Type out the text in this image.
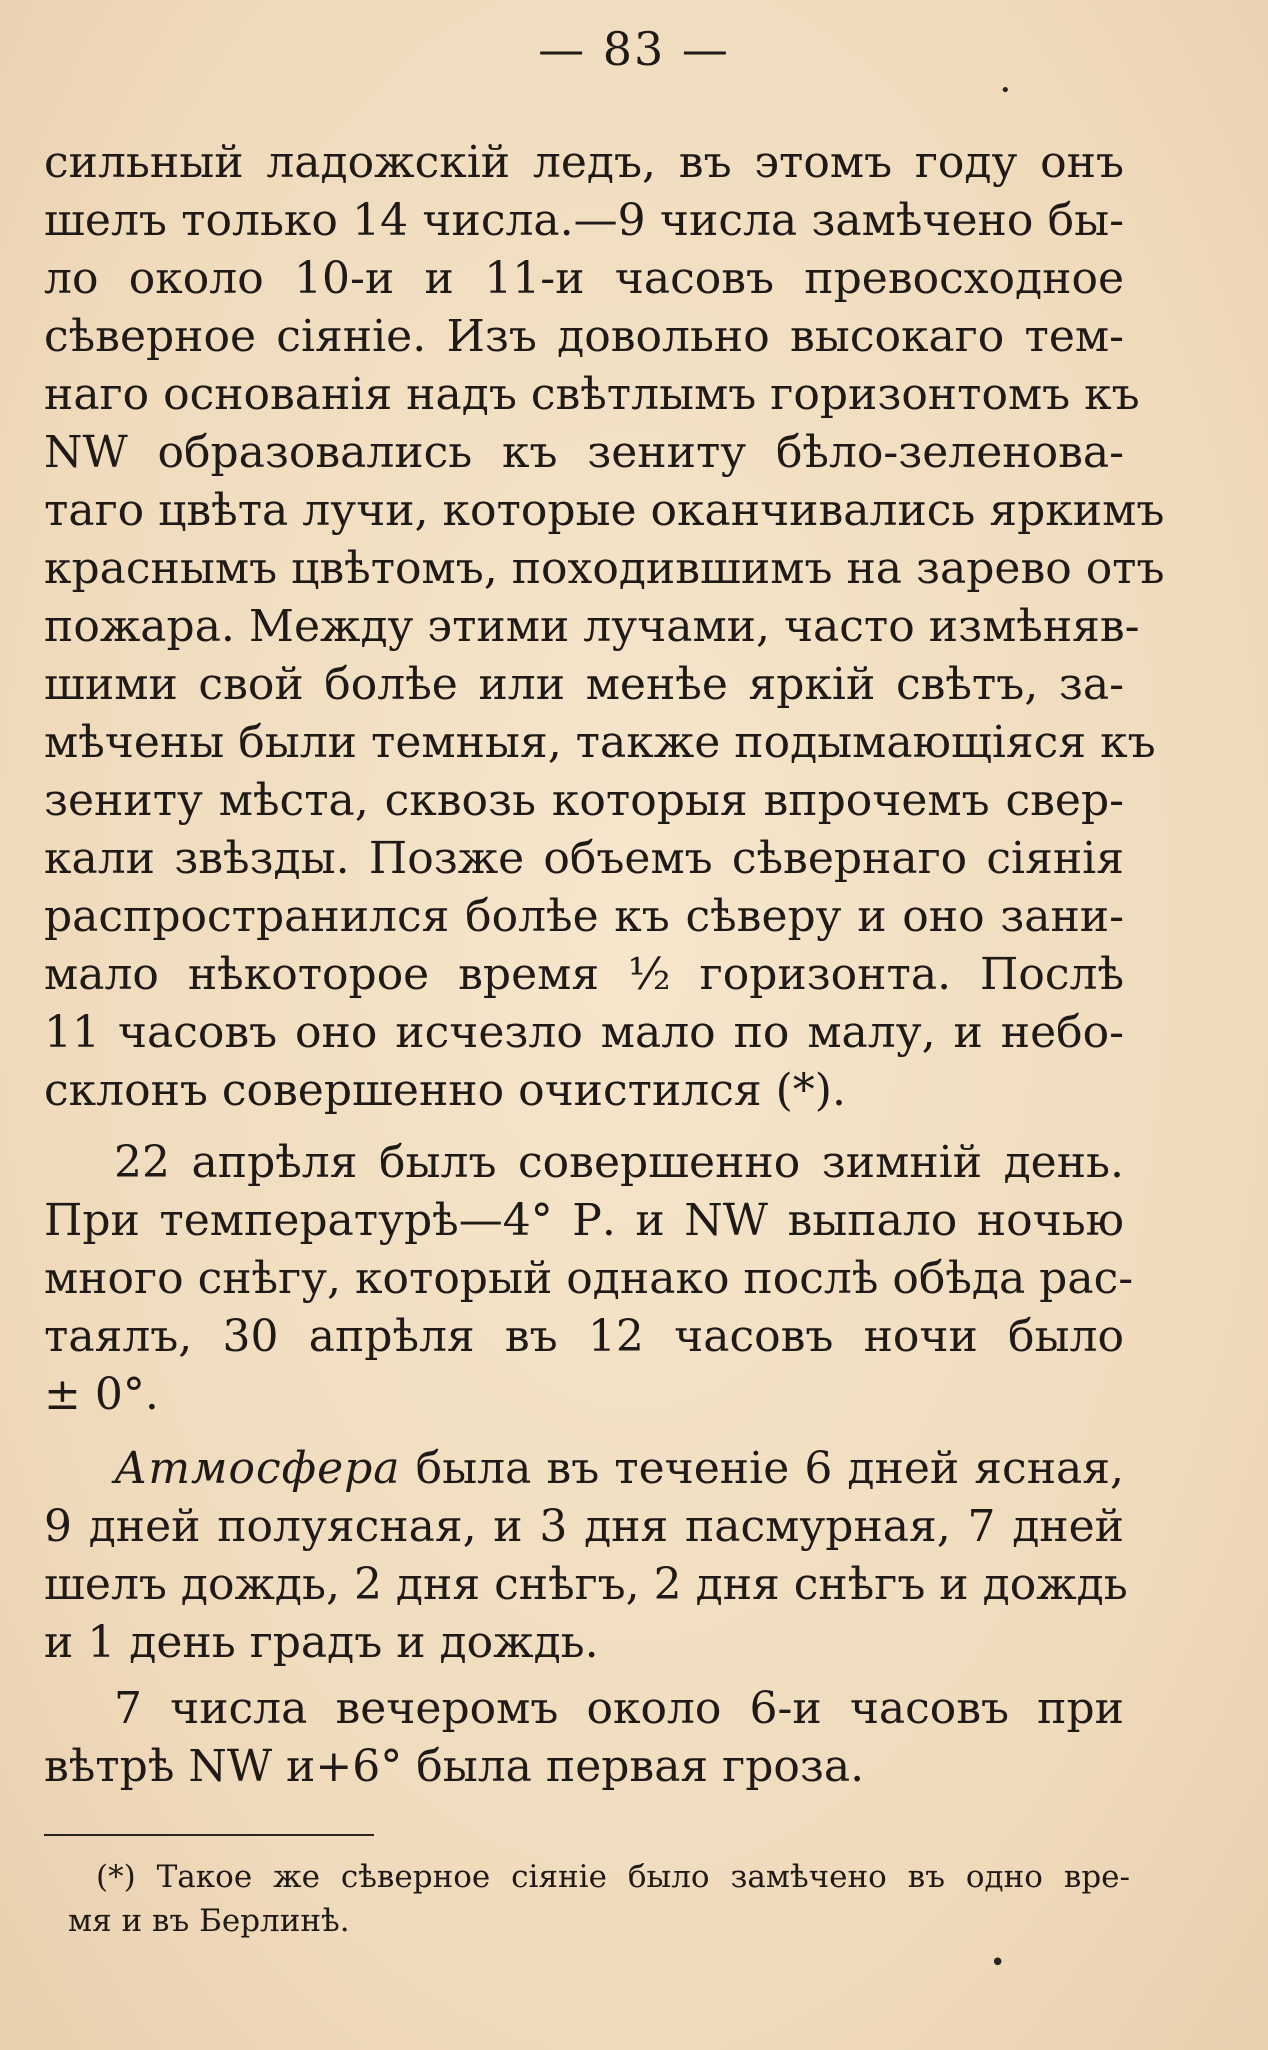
— 83 —
сильный ладожскій ледъ, въ этомъ году онъ
шелъ только 14 числа.—9 числа замѣчено бы-
ло около 10-и и 11-и часовъ превосходное
сѣверное сіяніе. Изъ довольно высокаго тем-
наго основанія надъ свѣтлымъ горизонтомъ къ
NW образовались къ зениту бѣло-зеленова-
таго цвѣта лучи, которые оканчивались яркимъ
краснымъ цвѣтомъ, походившимъ на зарево отъ
пожара. Между этими лучами, часто измѣняв-
шими свой болѣе или менѣе яркій свѣтъ, за-
мѣчены были темныя, также подымающіяся къ
зениту мѣста, сквозь которыя впрочемъ свер-
кали звѣзды. Позже объемъ сѣвернаго сіянія
распространился болѣе къ сѣверу и оно зани-
мало нѣкоторое время ½ горизонта. Послѣ
11 часовъ оно исчезло мало по малу, и небо-
склонъ совершенно очистился (*).
22 апрѣля былъ совершенно зимній день.
При температурѣ—4° Р. и NW выпало ночью
много снѣгу, который однако послѣ обѣда рас-
таялъ, 30 апрѣля въ 12 часовъ ночи было
± 0°.
Атмосфера была въ теченіе 6 дней ясная,
9 дней полуясная, и 3 дня пасмурная, 7 дней
шелъ дождь, 2 дня снѣгъ, 2 дня снѣгъ и дождь
и 1 день градъ и дождь.
7 числа вечеромъ около 6-и часовъ при
вѣтрѣ NW и+6° была первая гроза.
(*) Такое же сѣверное сіяніе было замѣчено въ одно вре-
мя и въ Берлинѣ.
•
•
